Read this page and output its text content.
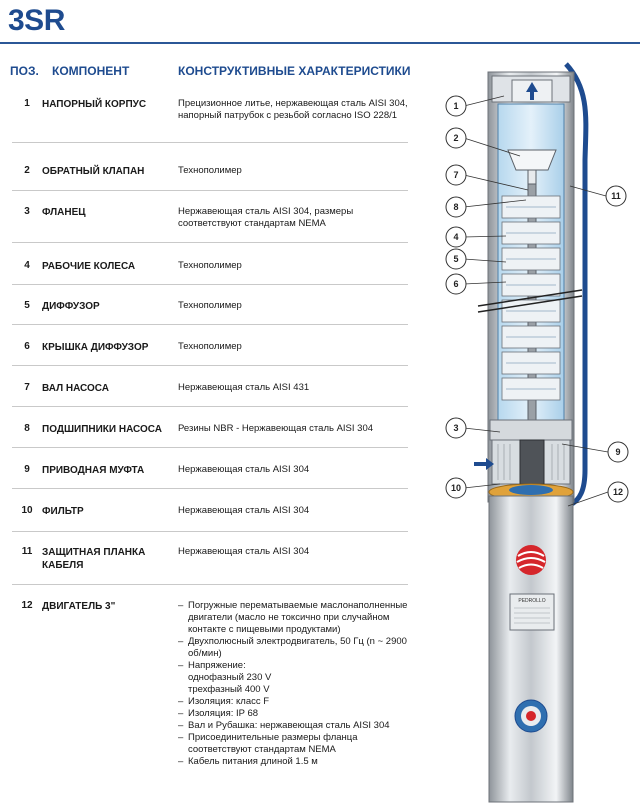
3SR
ПОЗ. КОМПОНЕНТ	КОНСТРУКТИВНЫЕ ХАРАКТЕРИСТИКИ
1	НАПОРНЫЙ КОРПУС	Прецизионное литье, нержавеющая сталь AISI 304, напорный патрубок с резьбой согласно ISO 228/1
2	ОБРАТНЫЙ КЛАПАН	Технополимер
3	ФЛАНЕЦ	Нержавеющая сталь AISI 304, размеры соответствуют стандартам NEMA
4	РАБОЧИЕ КОЛЕСА	Технополимер
5	ДИФФУЗОР	Технополимер
6	КРЫШКА ДИФФУЗОР	Технополимер
7	ВАЛ НАСОСА	Нержавеющая сталь AISI 431
8	ПОДШИПНИКИ НАСОСА	Резины NBR - Нержавеющая сталь AISI 304
9	ПРИВОДНАЯ МУФТА	Нержавеющая сталь AISI 304
10 ФИЛЬТР	Нержавеющая сталь AISI 304
11 ЗАЩИТНАЯ ПЛАНКА КАБЕЛЯ
Нержавеющая сталь AISI 304
12 ДВИГАТЕЛЬ 3"
–	Погружные перематываемые маслонаполненные двигатели (масло не токсично при случайном контакте с пищевыми продуктами)
– Двухполюсный электродвигатель, 50 Гц (n ~ 2900 об/мин)
– Напряжение:
однофазный 230 V
трехфазный 400 V
– Изоляция: класс F
– Изоляция: IP 68
– Вал и Рубашка: нержавеющая сталь AISI 304
– Присоединительные размеры фланца соответствуют стандартам NEMA
– Кабель питания длиной 1.5 м
PEDROLLO
1
2
7
8
4
5
6
3
10
11
9
12
